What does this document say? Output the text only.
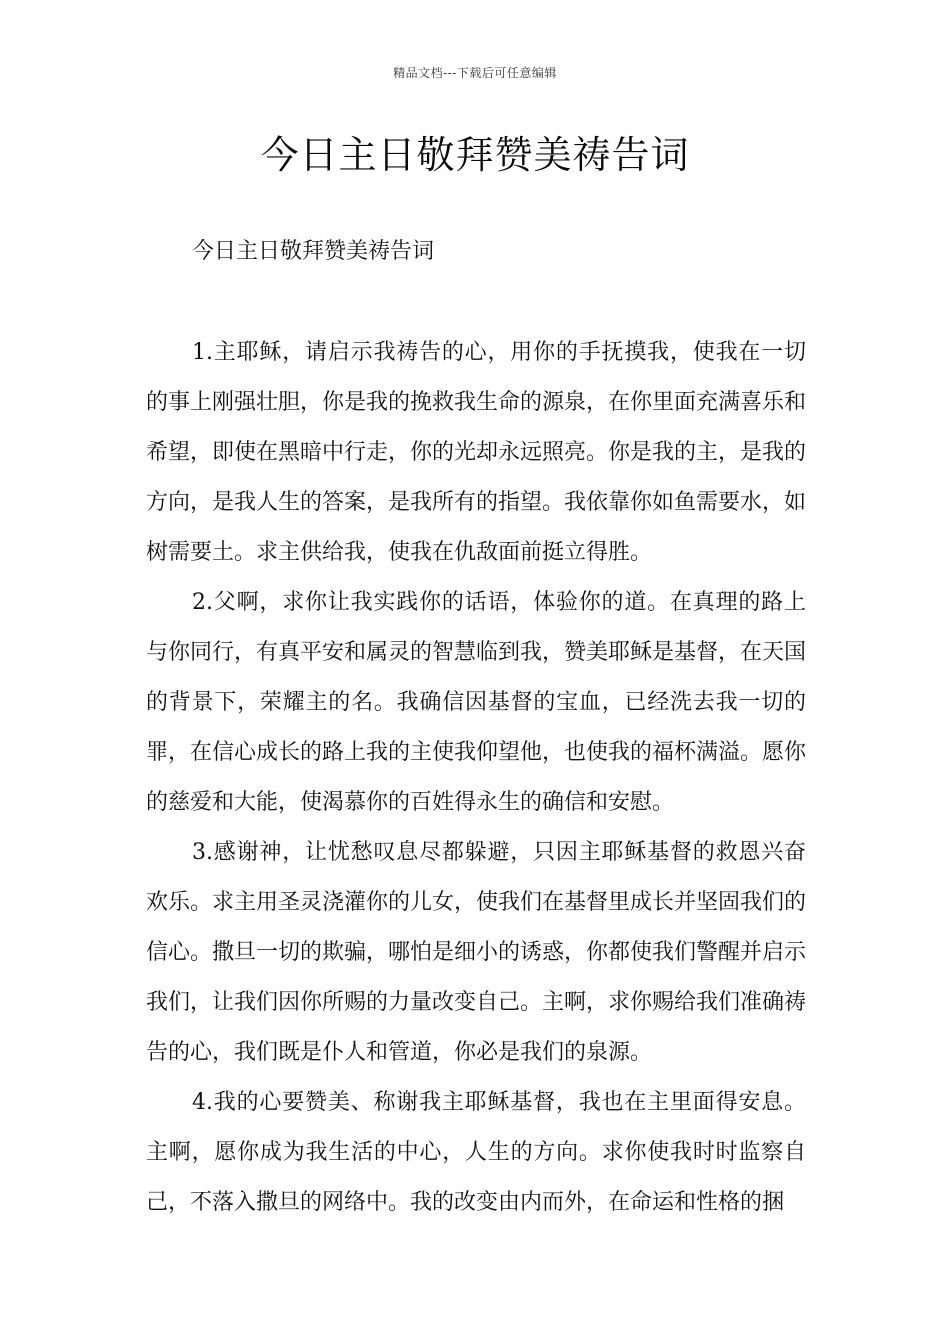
精品文档---下载后可任意编辑
今日主日敬拜赞美祷告词
今日主日敬拜赞美祷告词

1.主耶稣，请启示我祷告的心，用你的手抚摸我，使我在一切的事上刚强壮胆，你是我的挽救我生命的源泉，在你里面充满喜乐和希望，即使在黑暗中行走，你的光却永远照亮。你是我的主，是我的方向，是我人生的答案，是我所有的指望。我依靠你如鱼需要水，如树需要土。求主供给我，使我在仇敌面前挺立得胜。

2.父啊，求你让我实践你的话语，体验你的道。在真理的路上与你同行，有真平安和属灵的智慧临到我，赞美耶稣是基督，在天国的背景下，荣耀主的名。我确信因基督的宝血，已经洗去我一切的罪，在信心成长的路上我的主使我仰望他，也使我的福杯满溢。愿你的慈爱和大能，使渴慕你的百姓得永生的确信和安慰。

3.感谢神，让忧愁叹息尽都躲避，只因主耶稣基督的救恩兴奋欢乐。求主用圣灵浇灌你的儿女，使我们在基督里成长并坚固我们的信心。撒旦一切的欺骗，哪怕是细小的诱惑，你都使我们警醒并启示我们，让我们因你所赐的力量改变自己。主啊，求你赐给我们准确祷告的心，我们既是仆人和管道，你必是我们的泉源。

4.我的心要赞美、称谢我主耶稣基督，我也在主里面得安息。主啊，愿你成为我生活的中心，人生的方向。求你使我时时监察自己，不落入撒旦的网络中。我的改变由内而外，在命运和性格的捆
